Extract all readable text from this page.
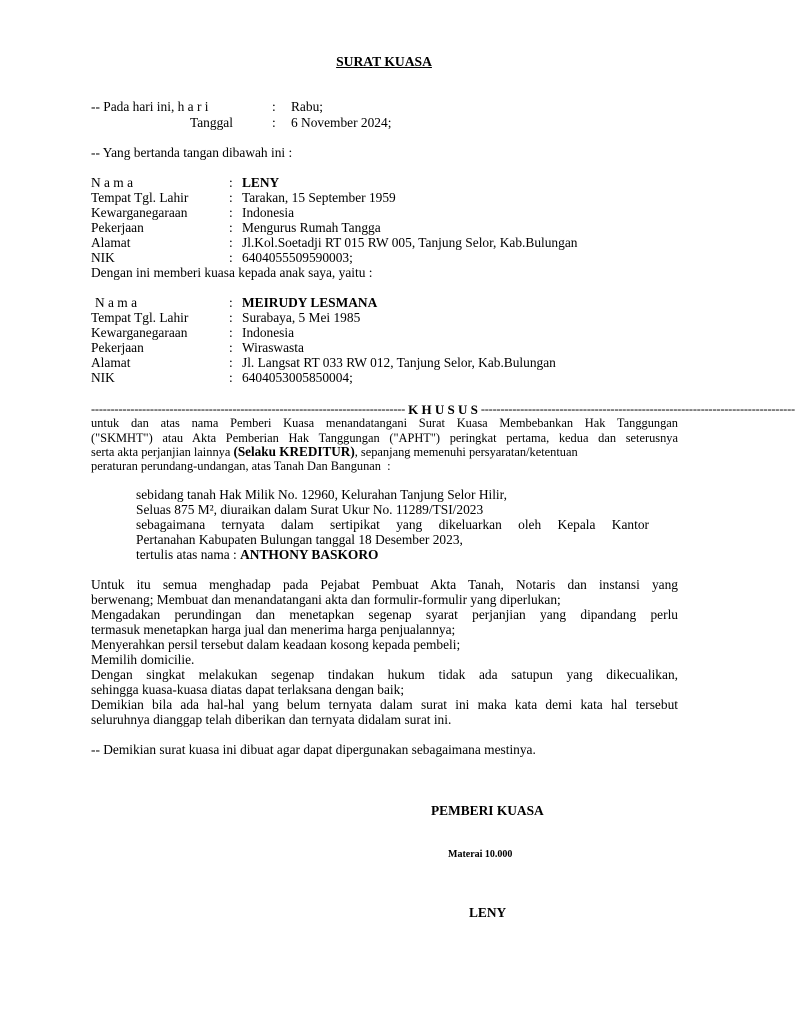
SURAT KUASA
-- Pada hari ini, h a r i	: Rabu;
Tanggal	: 6 November 2024;
-- Yang bertanda tangan dibawah ini :
N a m a	: LENY
Tempat Tgl. Lahir	: Tarakan, 15 September 1959
Kewarganegaraan	: Indonesia
Pekerjaan	: Mengurus Rumah Tangga
Alamat	: Jl.Kol.Soetadji RT 015 RW 005, Tanjung Selor, Kab.Bulungan
NIK	: 6404055509590003;
Dengan ini memberi kuasa kepada anak saya, yaitu :
N a m a	: MEIRUDY LESMANA
Tempat Tgl. Lahir	: Surabaya, 5 Mei 1985
Kewarganegaraan	: Indonesia
Pekerjaan	: Wiraswasta
Alamat	: Jl. Langsat RT 033 RW 012, Tanjung Selor, Kab.Bulungan
NIK	: 6404053005850004;
-------------------------------------------------------------------------------- K H U S U S --------------------------------------------------------------------------------
untuk dan atas nama Pemberi Kuasa menandatangani Surat Kuasa Membebankan Hak Tanggungan
("SKMHT") atau Akta Pemberian Hak Tanggungan ("APHT") peringkat pertama, kedua dan seterusnya
serta akta perjanjian lainnya (Selaku KREDITUR), sepanjang memenuhi persyaratan/ketentuan
peraturan perundang-undangan, atas Tanah Dan Bangunan  :
sebidang tanah Hak Milik No. 12960, Kelurahan Tanjung Selor Hilir,
Seluas 875 M², diuraikan dalam Surat Ukur No. 11289/TSI/2023
sebagaimana ternyata dalam sertipikat yang dikeluarkan oleh Kepala Kantor
Pertanahan Kabupaten Bulungan tanggal 18 Desember 2023,
tertulis atas nama : ANTHONY BASKORO
Untuk itu semua menghadap pada Pejabat Pembuat Akta Tanah, Notaris dan instansi yang
berwenang; Membuat dan menandatangani akta dan formulir-formulir yang diperlukan;
Mengadakan perundingan dan menetapkan segenap syarat perjanjian yang dipandang perlu
termasuk menetapkan harga jual dan menerima harga penjualannya;
Menyerahkan persil tersebut dalam keadaan kosong kepada pembeli;
Memilih domicilie.
Dengan singkat melakukan segenap tindakan hukum tidak ada satupun yang dikecualikan,
sehingga kuasa-kuasa diatas dapat terlaksana dengan baik;
Demikian bila ada hal-hal yang belum ternyata dalam surat ini maka kata demi kata hal tersebut
seluruhnya dianggap telah diberikan dan ternyata didalam surat ini.
-- Demikian surat kuasa ini dibuat agar dapat dipergunakan sebagaimana mestinya.
PEMBERI KUASA
Materai 10.000
LENY
